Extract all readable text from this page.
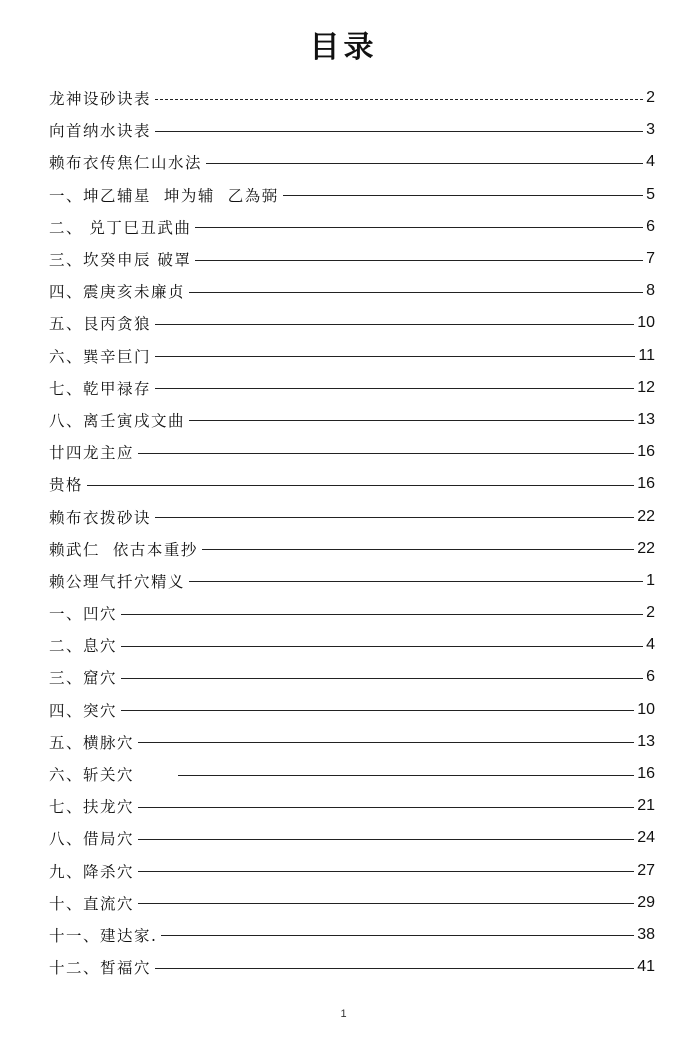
目录
龙神设砂诀表	2
向首纳水诀表	3
赖布衣传焦仁山水法	4
一、坤乙辅星  坤为辅  乙為弼	5
二、 兑丁巳丑武曲	6
三、坎癸申辰 破罩	7
四、震庚亥未廉贞	8
五、艮丙贪狼	10
六、巽辛巨门	11
七、乾甲禄存	12
八、离壬寅戌文曲	13
廿四龙主应	16
贵格	16
赖布衣拨砂诀	22
赖武仁  依古本重抄	22
赖公理气扦穴精义	1
一、凹穴	2
二、息穴	4
三、窟穴	6
四、突穴	10
五、横脉穴	13
六、斩关穴	16
七、扶龙穴	21
八、借局穴	24
九、降杀穴	27
十、直流穴	29
十一、建达家.	38
十二、皙福穴	41
1
